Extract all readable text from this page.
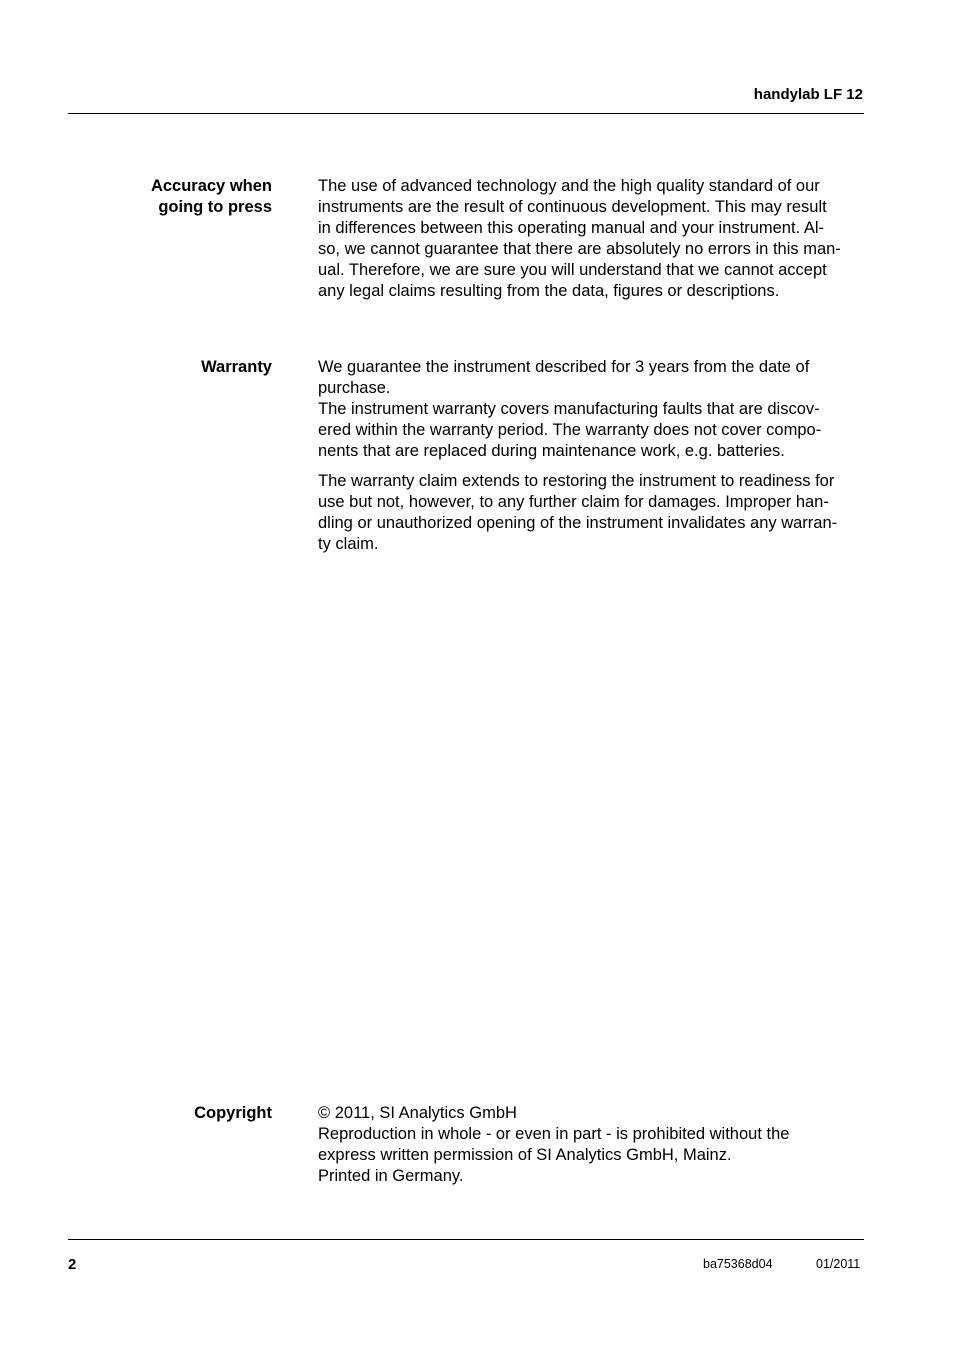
handylab LF 12
Accuracy when
going to press

The use of advanced technology and the high quality standard of our
instruments are the result of continuous development. This may result
in differences between this operating manual and your instrument. Al-
so, we cannot guarantee that there are absolutely no errors in this man-
ual. Therefore, we are sure you will understand that we cannot accept
any legal claims resulting from the data, figures or descriptions.

Warranty	We guarantee the instrument described for 3 years from the date of
purchase.
The instrument warranty covers manufacturing faults that are discov-
ered within the warranty period. The warranty does not cover compo-
nents that are replaced during maintenance work, e.g. batteries.

The warranty claim extends to restoring the instrument to readiness for
use but not, however, to any further claim for damages. Improper han-
dling or unauthorized opening of the instrument invalidates any warran-
ty claim.

Copyright	© 2011, SI Analytics GmbH
Reproduction in whole - or even in part - is prohibited without the
express written permission of SI Analytics GmbH, Mainz.
Printed in Germany.

2	ba75368d04	01/2011
